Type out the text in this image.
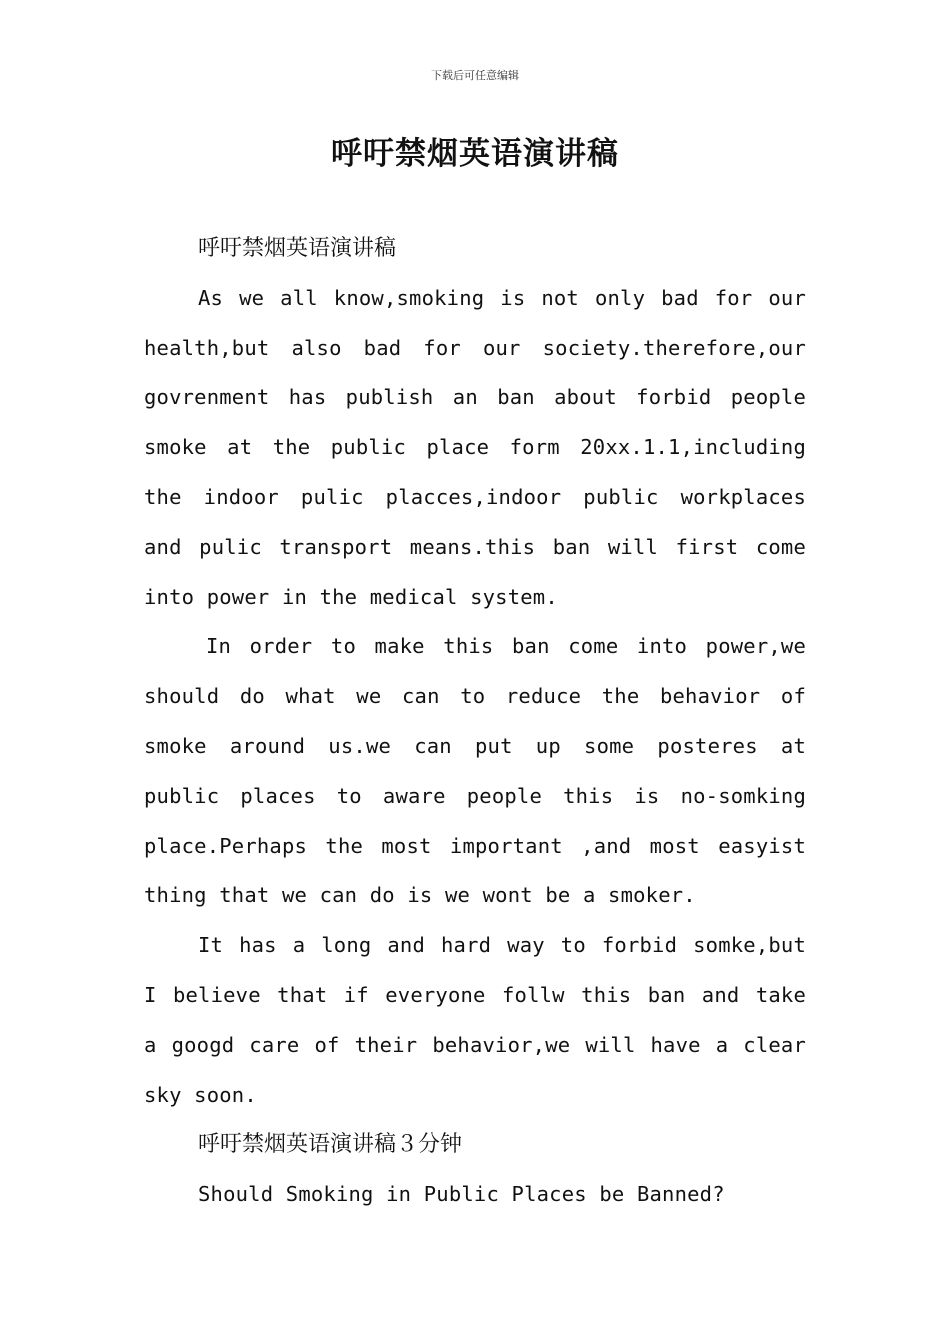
下载后可任意编辑
呼吁禁烟英语演讲稿
呼吁禁烟英语演讲稿
As we all know,smoking is not only bad for our
health,but also bad for our society.therefore,our
govrenment has publish an ban about forbid people
smoke at the public place form 20xx.1.1,including
the indoor pulic placces,indoor public workplaces
and pulic transport means.this ban will first come
into power in the medical system.
In order to make this ban come into power,we
should do what we can to reduce the behavior of
smoke around us.we can put up some posteres at
public places to aware people this is no-somking
place.Perhaps the most important ,and most easyist
thing that we can do is we wont be a smoker.
It has a long and hard way to forbid somke,but
I believe that if everyone follw this ban and take
a googd care of their behavior,we will have a clear
sky soon.
呼吁禁烟英语演讲稿３分钟
Should Smoking in Public Places be Banned?
